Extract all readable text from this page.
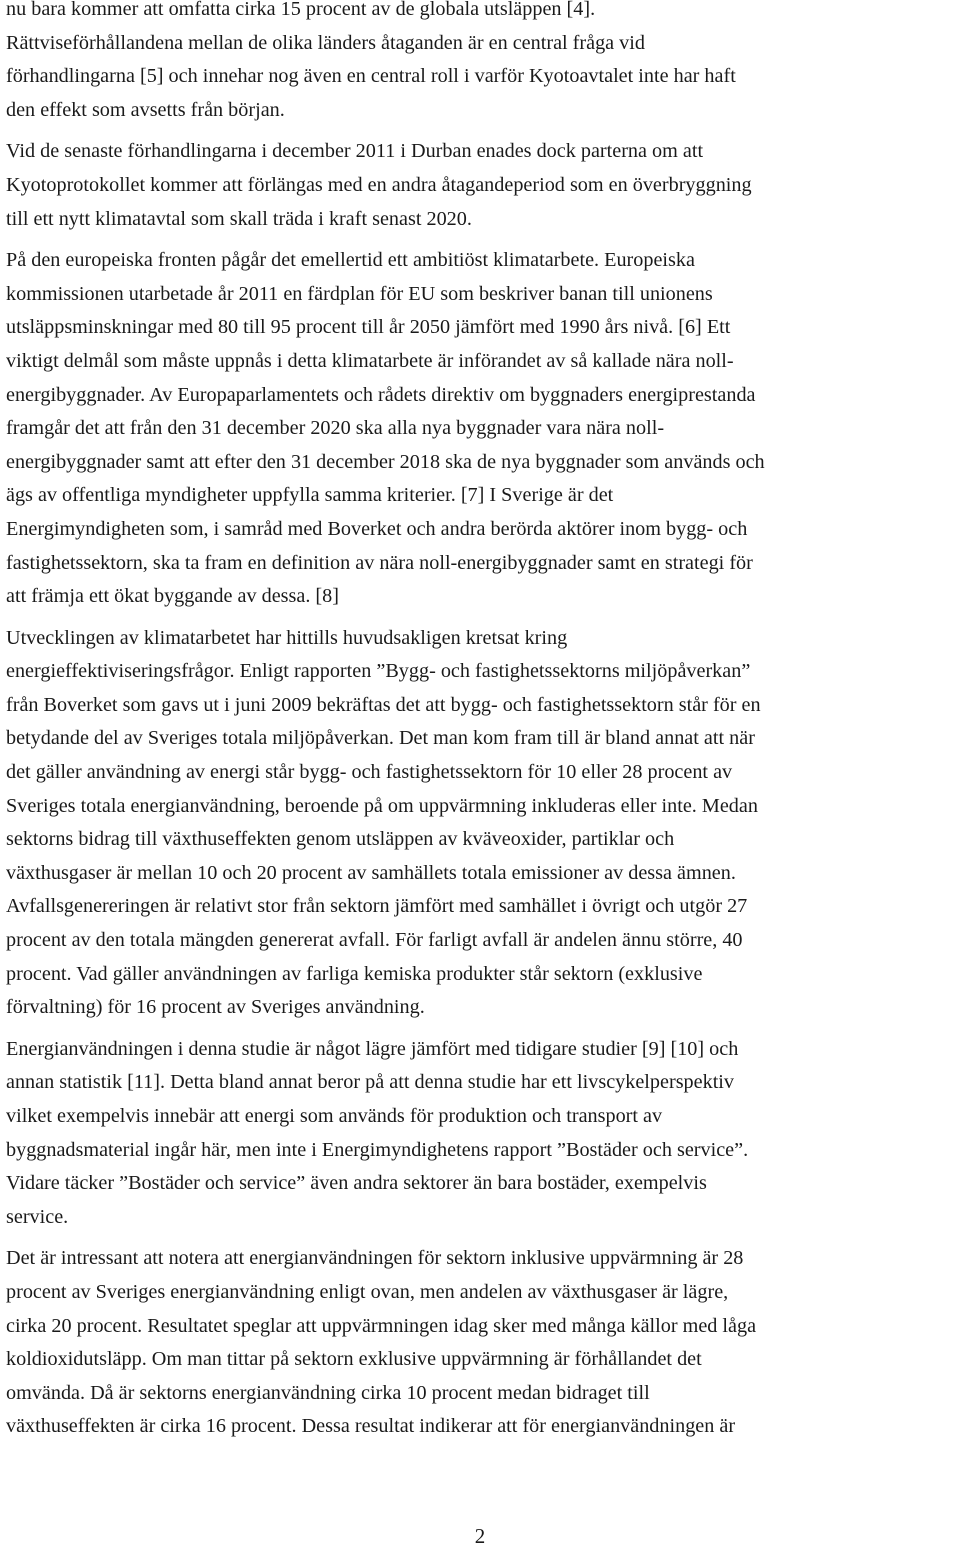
nu bara kommer att omfatta cirka 15 procent av de globala utsläppen [4].
Rättviseförhållandena mellan de olika länders åtaganden är en central fråga vid
förhandlingarna [5] och innehar nog även en central roll i varför Kyotoavtalet inte har haft
den effekt som avsetts från början.
Vid de senaste förhandlingarna i december 2011 i Durban enades dock parterna om att
Kyotoprotokollet kommer att förlängas med en andra åtagandeperiod som en överbryggning
till ett nytt klimatavtal som skall träda i kraft senast 2020.
På den europeiska fronten pågår det emellertid ett ambitiöst klimatarbete. Europeiska
kommissionen utarbetade år 2011 en färdplan för EU som beskriver banan till unionens
utsläppsminskningar med 80 till 95 procent till år 2050 jämfört med 1990 års nivå. [6] Ett
viktigt delmål som måste uppnås i detta klimatarbete är införandet av så kallade nära noll-
energibyggnader. Av Europaparlamentets och rådets direktiv om byggnaders energiprestanda
framgår det att från den 31 december 2020 ska alla nya byggnader vara nära noll-
energibyggnader samt att efter den 31 december 2018 ska de nya byggnader som används och
ägs av offentliga myndigheter uppfylla samma kriterier. [7] I Sverige är det
Energimyndigheten som, i samråd med Boverket och andra berörda aktörer inom bygg- och
fastighetssektorn, ska ta fram en definition av nära noll-energibyggnader samt en strategi för
att främja ett ökat byggande av dessa. [8]
Utvecklingen av klimatarbetet har hittills huvudsakligen kretsat kring
energieffektiviseringsfrågor. Enligt rapporten ”Bygg- och fastighetssektorns miljöpåverkan”
från Boverket som gavs ut i juni 2009 bekräftas det att bygg- och fastighetssektorn står för en
betydande del av Sveriges totala miljöpåverkan. Det man kom fram till är bland annat att när
det gäller användning av energi står bygg- och fastighetssektorn för 10 eller 28 procent av
Sveriges totala energianvändning, beroende på om uppvärmning inkluderas eller inte. Medan
sektorns bidrag till växthuseffekten genom utsläppen av kväveoxider, partiklar och
växthusgaser är mellan 10 och 20 procent av samhällets totala emissioner av dessa ämnen.
Avfallsgenereringen är relativt stor från sektorn jämfört med samhället i övrigt och utgör 27
procent av den totala mängden genererat avfall. För farligt avfall är andelen ännu större, 40
procent. Vad gäller användningen av farliga kemiska produkter står sektorn (exklusive
förvaltning) för 16 procent av Sveriges användning.
Energianvändningen i denna studie är något lägre jämfört med tidigare studier [9] [10] och
annan statistik [11]. Detta bland annat beror på att denna studie har ett livscykelperspektiv
vilket exempelvis innebär att energi som används för produktion och transport av
byggnadsmaterial ingår här, men inte i Energimyndighetens rapport ”Bostäder och service”.
Vidare täcker ”Bostäder och service” även andra sektorer än bara bostäder, exempelvis
service.
Det är intressant att notera att energianvändningen för sektorn inklusive uppvärmning är 28
procent av Sveriges energianvändning enligt ovan, men andelen av växthusgaser är lägre,
cirka 20 procent. Resultatet speglar att uppvärmningen idag sker med många källor med låga
koldioxidutsläpp. Om man tittar på sektorn exklusive uppvärmning är förhållandet det
omvända. Då är sektorns energianvändning cirka 10 procent medan bidraget till
växthuseffekten är cirka 16 procent. Dessa resultat indikerar att för energianvändningen är
2
